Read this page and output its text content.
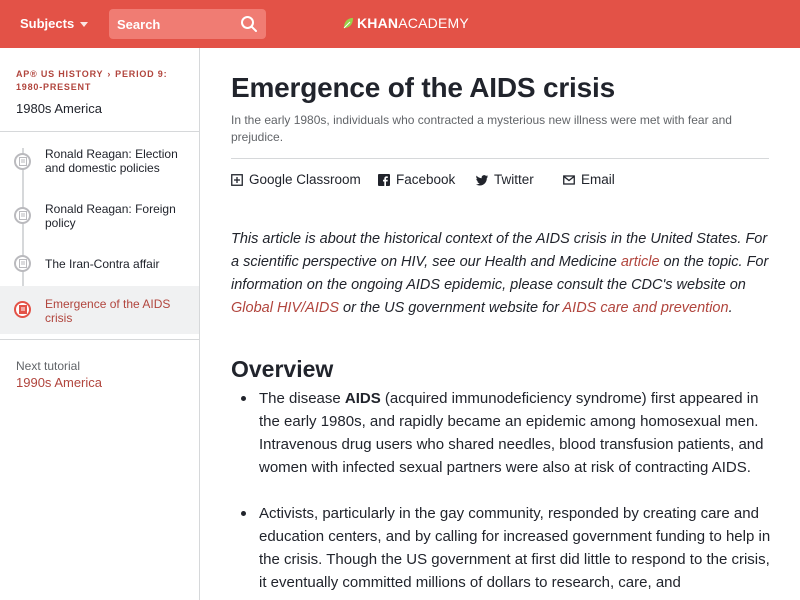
Subjects
Search	KHANACADEMY
AP® US HISTORY › PERIOD 9: 1980-PRESENT
1980s America
Ronald Reagan: Election and domestic policies
Ronald Reagan: Foreign policy
The Iran-Contra affair
Emergence of the AIDS crisis
Next tutorial
1990s America
Emergence of the AIDS crisis
In the early 1980s, individuals who contracted a mysterious new illness were met with fear and prejudice.
Google Classroom	Facebook	Twitter	Email

This article is about the historical context of the AIDS crisis in the United States. For a scientific perspective on HIV, see our Health and Medicine article on the topic. For information on the ongoing AIDS epidemic, please consult the CDC's website on Global HIV/AIDS or the US government website for AIDS care and prevention.

Overview
The disease AIDS (acquired immunodeficiency syndrome) first appeared in the early 1980s, and rapidly became an epidemic among homosexual men. Intravenous drug users who shared needles, blood transfusion patients, and women with infected sexual partners were also at risk of contracting AIDS.
Activists, particularly in the gay community, responded by creating care and education centers, and by calling for increased government funding to help in the crisis. Though the US government at first did little to respond to the crisis, it eventually committed millions of dollars to research, care, and
